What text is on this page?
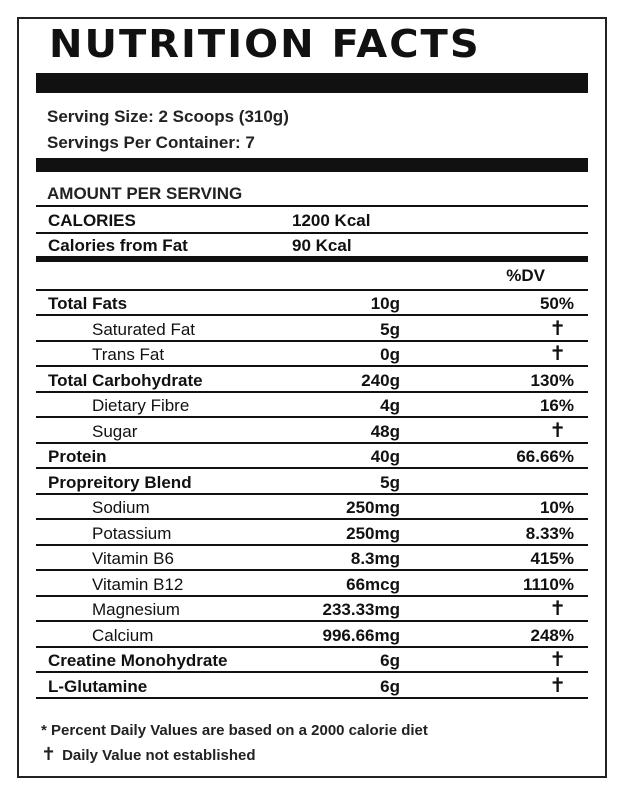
NUTRITION FACTS
Serving Size: 2 Scoops (310g)
Servings Per Container: 7
AMOUNT PER SERVING
CALORIES	1200 Kcal
Calories from Fat	90 Kcal
%DV
Total Fats	10g	50%
Saturated Fat	5g	✝
Trans Fat	0g	✝
Total Carbohydrate	240g	130%
Dietary Fibre	4g	16%
Sugar	48g	✝
Protein	40g	66.66%
Propreitory Blend	5g
Sodium	250mg	10%
Potassium	250mg	8.33%
Vitamin B6	8.3mg	415%
Vitamin B12	66mcg	1110%
Magnesium	233.33mg	✝
Calcium	996.66mg	248%
Creatine Monohydrate	6g	✝
L-Glutamine	6g	✝
* Percent Daily Values are based on a 2000 calorie diet
✝ Daily Value not established
